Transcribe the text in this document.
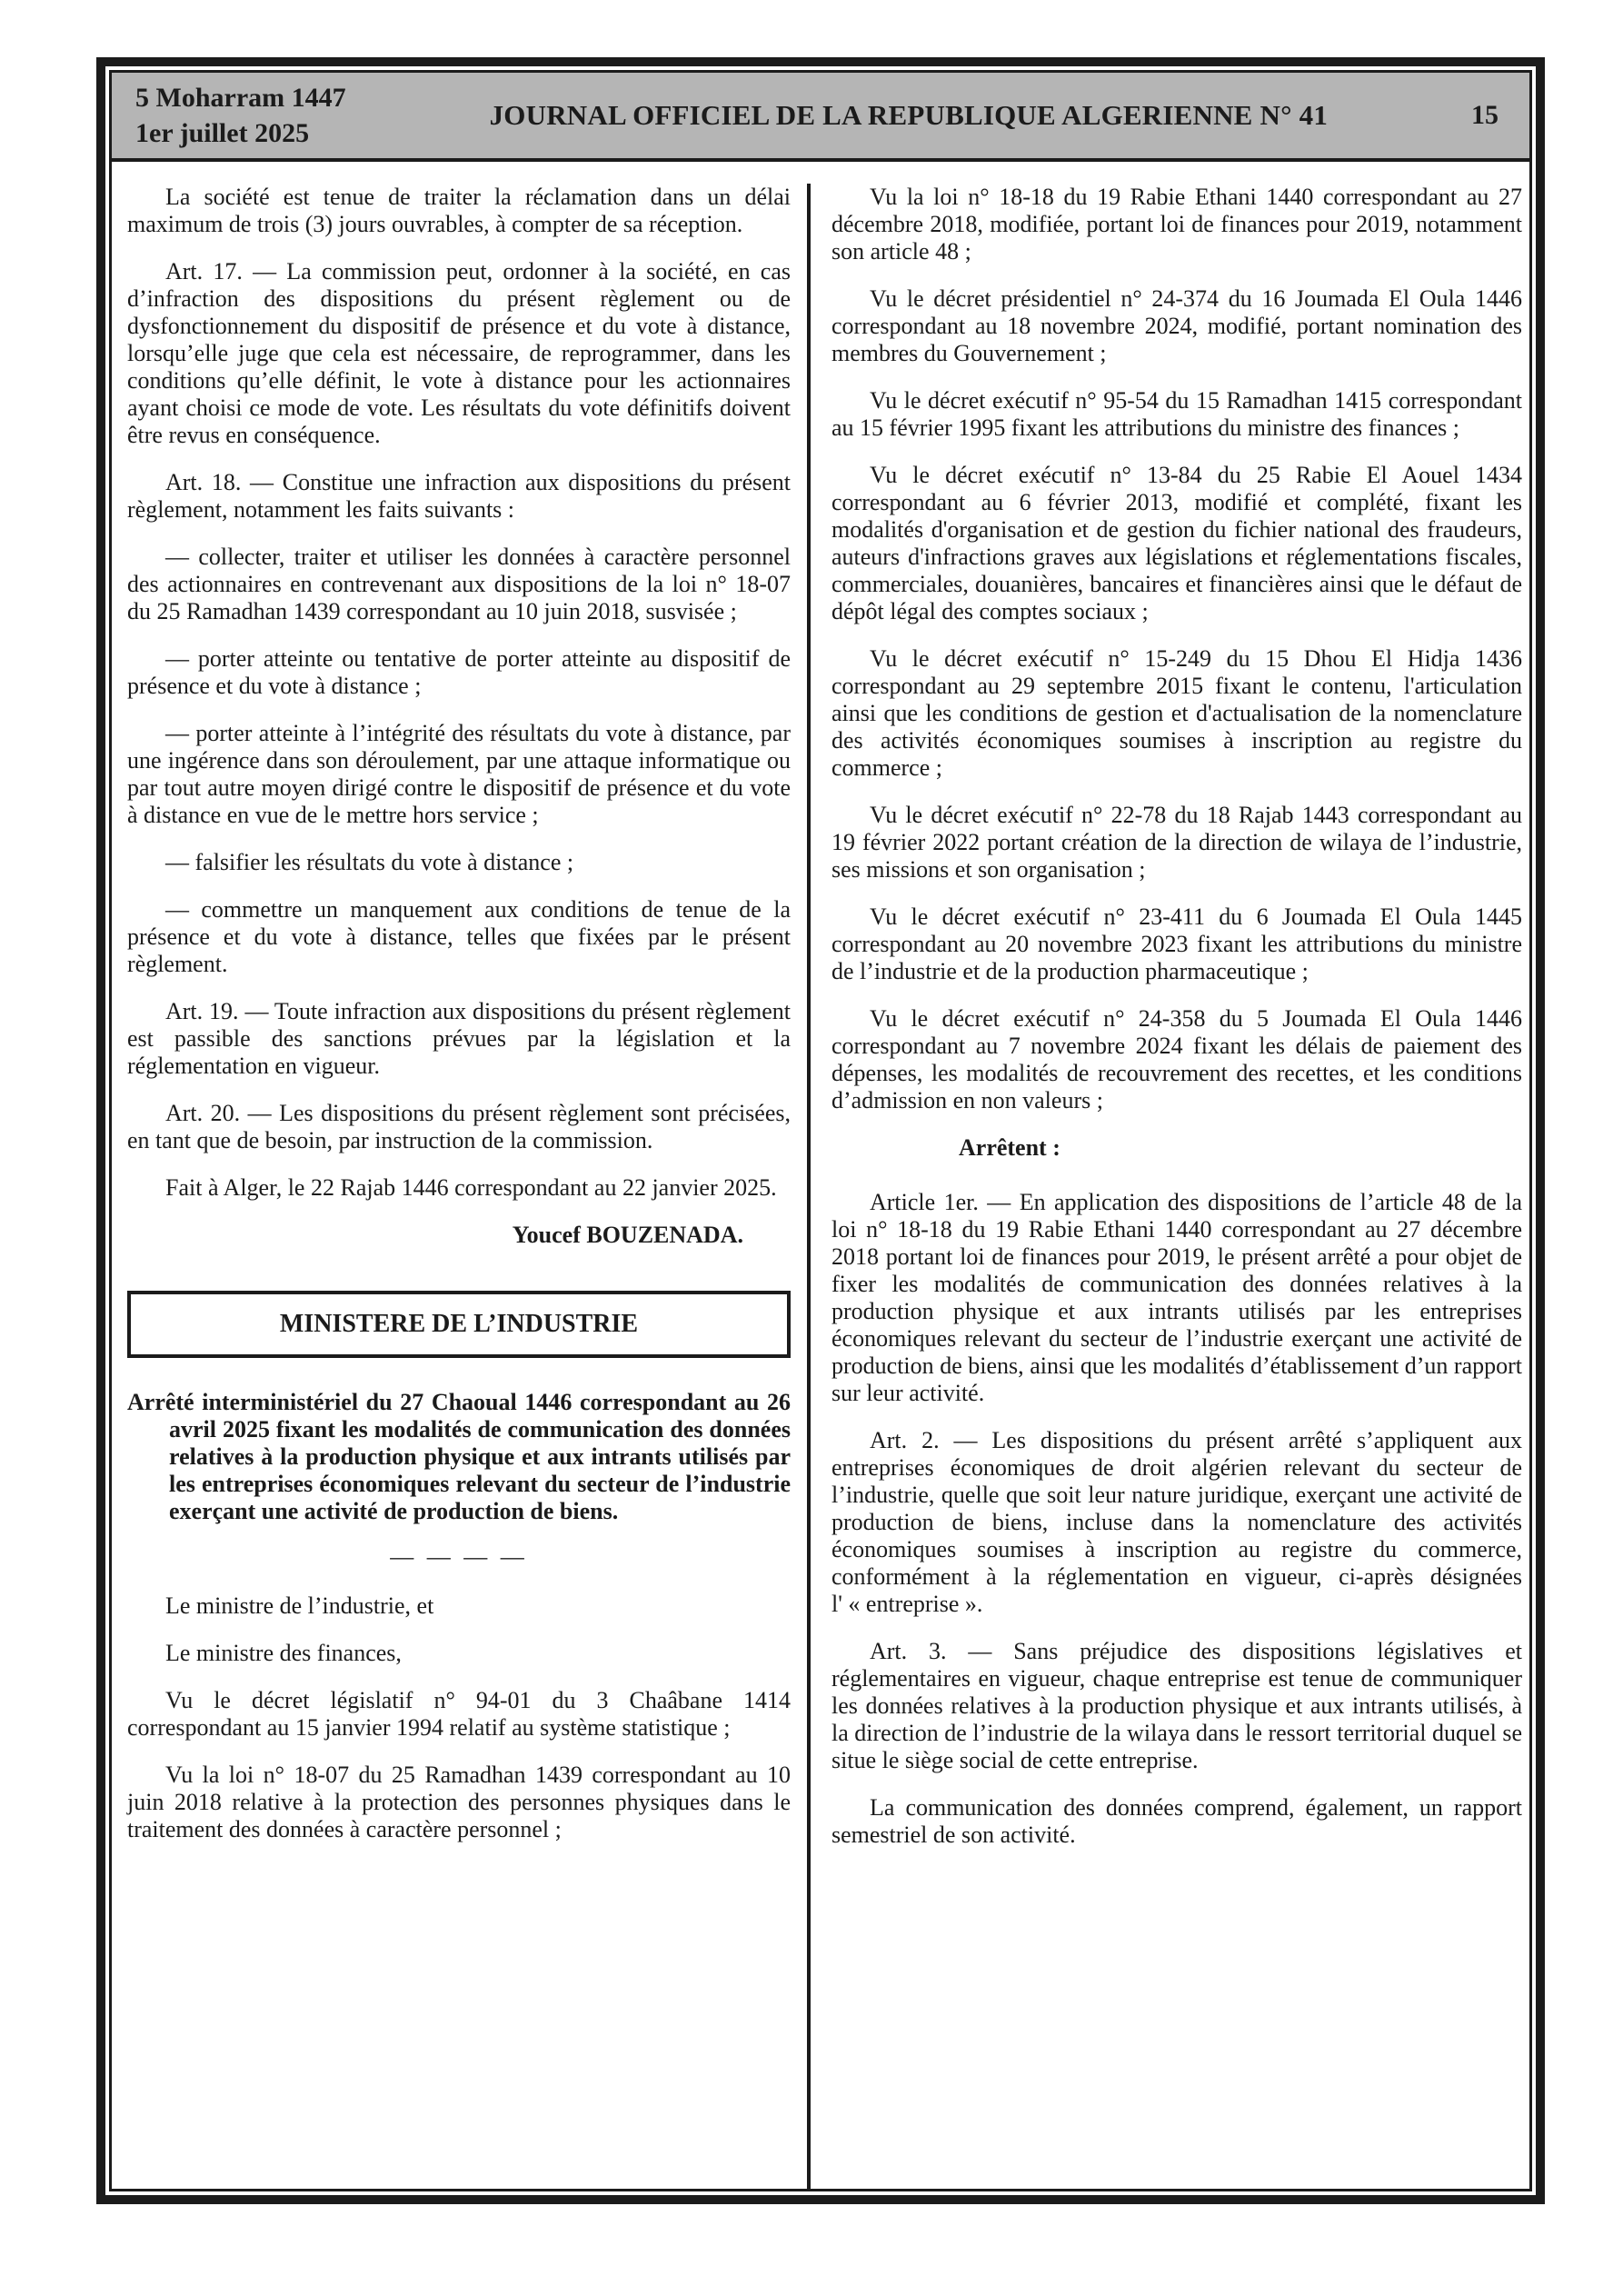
5 Moharram 1447
1er juillet 2025
JOURNAL OFFICIEL DE LA REPUBLIQUE ALGERIENNE N° 41	15

La société est tenue de traiter la réclamation dans un délai maximum de trois (3) jours ouvrables, à compter de sa réception.

Art. 17. — La commission peut, ordonner à la société, en cas d’infraction des dispositions du présent règlement ou de dysfonctionnement du dispositif de présence et du vote à distance, lorsqu’elle juge que cela est nécessaire, de reprogrammer, dans les conditions qu’elle définit, le vote à distance pour les actionnaires ayant choisi ce mode de vote. Les résultats du vote définitifs doivent être revus en conséquence.

Art. 18. — Constitue une infraction aux dispositions du présent règlement, notamment les faits suivants :

— collecter, traiter et utiliser les données à caractère personnel des actionnaires en contrevenant aux dispositions de la loi n° 18-07 du 25 Ramadhan 1439 correspondant au 10 juin 2018, susvisée ;

— porter atteinte ou tentative de porter atteinte au dispositif de présence et du vote à distance ;

— porter atteinte à l’intégrité des résultats du vote à distance, par une ingérence dans son déroulement, par une attaque informatique ou par tout autre moyen dirigé contre le dispositif de présence et du vote à distance en vue de le mettre hors service ;

— falsifier les résultats du vote à distance ;

— commettre un manquement aux conditions de tenue de la présence et du vote à distance, telles que fixées par le présent règlement.

Art. 19. — Toute infraction aux dispositions du présent règlement est passible des sanctions prévues par la législation et la réglementation en vigueur.

Art. 20. — Les dispositions du présent règlement sont précisées, en tant que de besoin, par instruction de la commission.

Fait à Alger, le 22 Rajab 1446 correspondant au 22 janvier 2025.

Youcef BOUZENADA.

MINISTERE DE L’INDUSTRIE

Arrêté interministériel du 27 Chaoual 1446 correspondant au 26 avril 2025 fixant les modalités de communication des données relatives à la production physique et aux intrants utilisés par les entreprises économiques relevant du secteur de l’industrie exerçant une activité de production de biens.

— — — —

Le ministre de l’industrie, et

Le ministre des finances,

Vu le décret législatif n° 94-01 du 3 Chaâbane 1414 correspondant au 15 janvier 1994 relatif au système statistique ;

Vu la loi n° 18-07 du 25 Ramadhan 1439 correspondant au 10 juin 2018 relative à la protection des personnes physiques dans le traitement des données à caractère personnel ;

Vu la loi n° 18-18 du 19 Rabie Ethani 1440 correspondant au 27 décembre 2018, modifiée, portant loi de finances pour 2019, notamment son article 48 ;

Vu le décret présidentiel n° 24-374 du 16 Joumada El Oula 1446 correspondant au 18 novembre 2024, modifié, portant nomination des membres du Gouvernement ;

Vu le décret exécutif n° 95-54 du 15 Ramadhan 1415 correspondant au 15 février 1995 fixant les attributions du ministre des finances ;

Vu le décret exécutif n° 13-84 du 25 Rabie El Aouel 1434 correspondant au 6 février 2013, modifié et complété, fixant les modalités d'organisation et de gestion du fichier national des fraudeurs, auteurs d'infractions graves aux législations et réglementations fiscales, commerciales, douanières, bancaires et financières ainsi que le défaut de dépôt légal des comptes sociaux ;

Vu le décret exécutif n° 15-249 du 15 Dhou El Hidja 1436 correspondant au 29 septembre 2015 fixant le contenu, l'articulation ainsi que les conditions de gestion et d'actualisation de la nomenclature des activités économiques soumises à inscription au registre du commerce ;

Vu le décret exécutif n° 22-78 du 18 Rajab 1443 correspondant au 19 février 2022 portant création de la direction de wilaya de l’industrie, ses missions et son organisation ;

Vu le décret exécutif n° 23-411 du 6 Joumada El Oula 1445 correspondant au 20 novembre 2023 fixant les attributions du ministre de l’industrie et de la production pharmaceutique ;

Vu le décret exécutif n° 24-358 du 5 Joumada El Oula 1446 correspondant au 7 novembre 2024 fixant les délais de paiement des dépenses, les modalités de recouvrement des recettes, et les conditions d’admission en non valeurs ;

Arrêtent :

Article 1er. — En application des dispositions de l’article 48 de la loi n° 18-18 du 19 Rabie Ethani 1440 correspondant au 27 décembre 2018 portant loi de finances pour 2019, le présent arrêté a pour objet de fixer les modalités de communication des données relatives à la production physique et aux intrants utilisés par les entreprises économiques relevant du secteur de l’industrie exerçant une activité de production de biens, ainsi que les modalités d’établissement d’un rapport sur leur activité.

Art. 2. — Les dispositions du présent arrêté s’appliquent aux entreprises économiques de droit algérien relevant du secteur de l’industrie, quelle que soit leur nature juridique, exerçant une activité de production de biens, incluse dans la nomenclature des activités économiques soumises à inscription au registre du commerce, conformément à la réglementation en vigueur, ci-après désignées l' « entreprise ».

Art. 3. — Sans préjudice des dispositions législatives et réglementaires en vigueur, chaque entreprise est tenue de communiquer les données relatives à la production physique et aux intrants utilisés, à la direction de l’industrie de la wilaya dans le ressort territorial duquel se situe le siège social de cette entreprise.

La communication des données comprend, également, un rapport semestriel de son activité.
